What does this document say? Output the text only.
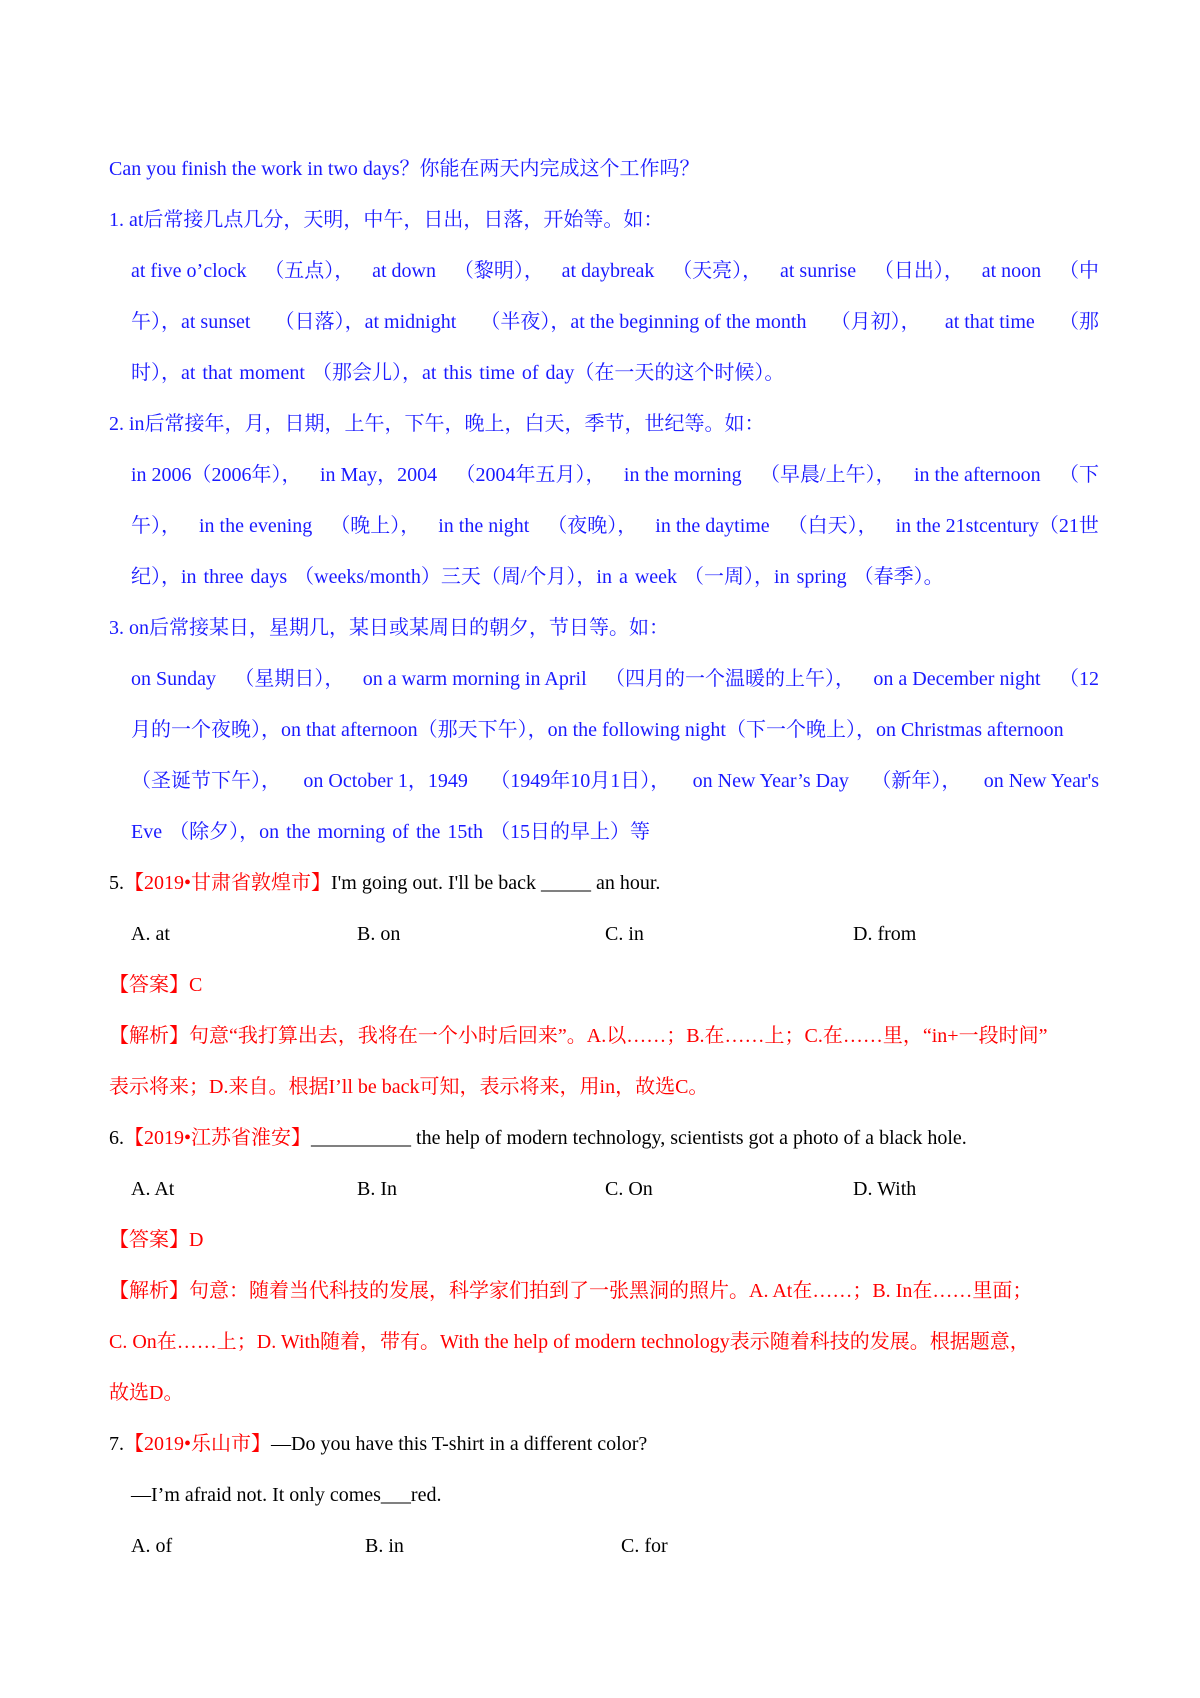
Can you finish the work in two days？你能在两天内完成这个工作吗？
1. at后常接几点几分，天明，中午，日出，日落，开始等。如：
at five o’clock （五点）， at down （黎明）， at daybreak （天亮）， at sunrise （日出）， at noon （中
午），at sunset （日落），at midnight （半夜），at the beginning of the month （月初）， at that time （那
时），at that moment （那会儿），at this time of day（在一天的这个时候）。
2. in后常接年，月，日期，上午，下午，晚上，白天，季节，世纪等。如：
in 2006（2006年）， in May，2004 （2004年五月）， in the morning （早晨/上午）， in the afternoon （下
午）， in the evening （晚上）， in the night （夜晚）， in the daytime （白天）， in the 21stcentury（21世
纪），in three days （weeks/month）三天（周/个月），in a week （一周），in spring （春季）。
3. on后常接某日，星期几，某日或某周日的朝夕，节日等。如：
on Sunday （星期日）， on a warm morning in April （四月的一个温暖的上午）， on a December night （12
月的一个夜晚），on that afternoon（那天下午），on the following night（下一个晚上），on Christmas afternoon
（圣诞节下午）， on October 1，1949 （1949年10月1日）， on New Year’s Day （新年）， on New Year's
Eve （除夕），on the morning of the 15th （15日的早上）等
5.【2019•甘肃省敦煌市】I'm going out. I'll be back _____ an hour.
A. at	B. on	C. in	D. from
【答案】C
【解析】句意“我打算出去，我将在一个小时后回来”。A.以……；B.在……上；C.在……里，“in+一段时间”
表示将来；D.来自。根据I’ll be back可知，表示将来，用in，故选C。
6.【2019•江苏省淮安】__________ the help of modern technology, scientists got a photo of a black hole.
A. At	B. In	C. On	D. With
【答案】D
【解析】句意：随着当代科技的发展，科学家们拍到了一张黑洞的照片。A. At在……；B. In在……里面；
C. On在……上；D. With随着，带有。With the help of modern technology表示随着科技的发展。根据题意，
故选D。
7.【2019•乐山市】—Do you have this T-shirt in a different color?
—I’m afraid not. It only comes___red.
A. of	B. in	C. for
